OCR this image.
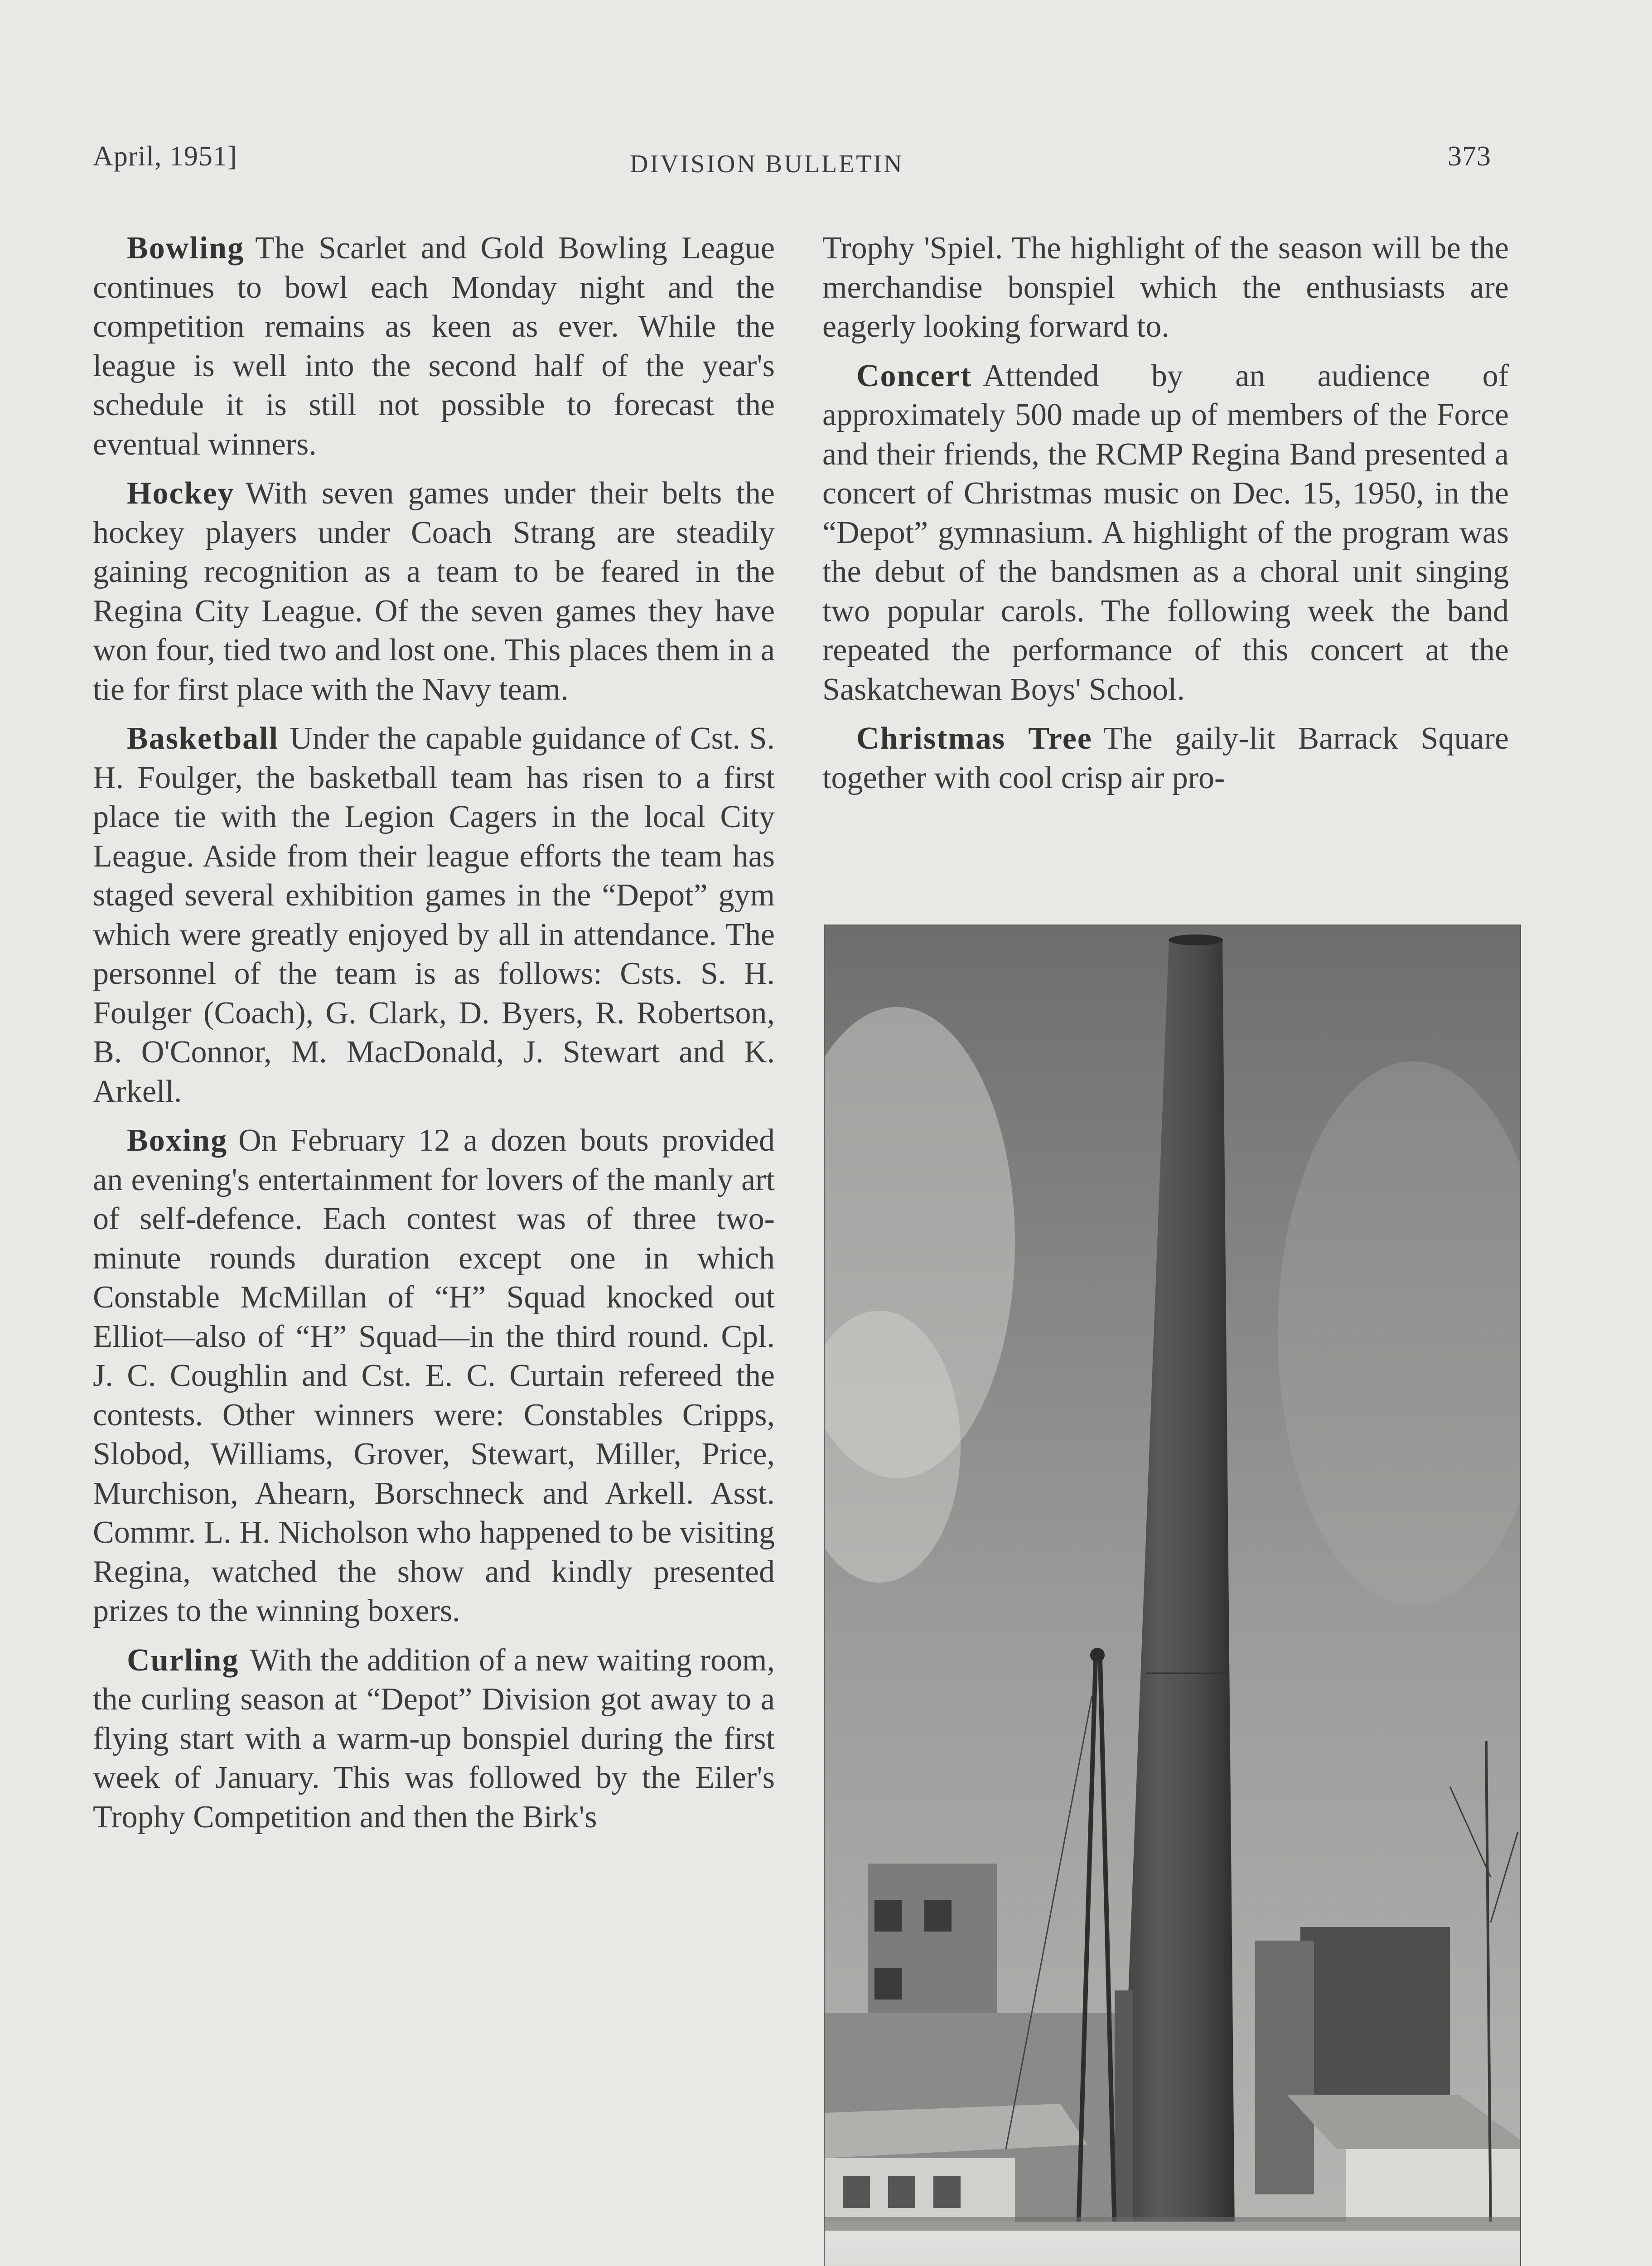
April, 1951]	DIVISION BULLETIN	373

Bowling The Scarlet and Gold Bowling League continues to bowl each Monday night and the competition remains as keen as ever. While the league is well into the second half of the year's schedule it is still not possible to forecast the eventual winners.

Hockey With seven games under their belts the hockey players under Coach Strang are steadily gaining recognition as a team to be feared in the Regina City League. Of the seven games they have won four, tied two and lost one. This places them in a tie for first place with the Navy team.

Basketball Under the capable guidance of Cst. S. H. Foulger, the basketball team has risen to a first place tie with the Legion Cagers in the local City League. Aside from their league efforts the team has staged several exhibition games in the “Depot” gym which were greatly enjoyed by all in attendance. The personnel of the team is as follows: Csts. S. H. Foulger (Coach), G. Clark, D. Byers, R. Robertson, B. O'Connor, M. MacDonald, J. Stewart and K. Arkell.

Boxing On February 12 a dozen bouts provided an evening's entertainment for lovers of the manly art of self-defence. Each contest was of three two-minute rounds duration except one in which Constable McMillan of “H” Squad knocked out Elliot—also of “H” Squad—in the third round. Cpl. J. C. Coughlin and Cst. E. C. Curtain refereed the contests. Other winners were: Constables Cripps, Slobod, Williams, Grover, Stewart, Miller, Price, Murchison, Ahearn, Borschneck and Arkell. Asst. Commr. L. H. Nicholson who happened to be visiting Regina, watched the show and kindly presented prizes to the winning boxers.

Curling With the addition of a new waiting room, the curling season at “Depot” Division got away to a flying start with a warm-up bonspiel during the first week of January. This was followed by the Eiler's Trophy Competition and then the Birk's

Trophy 'Spiel. The highlight of the season will be the merchandise bonspiel which the enthusiasts are eagerly looking forward to.

Concert Attended by an audience of approximately 500 made up of members of the Force and their friends, the RCMP Regina Band presented a concert of Christmas music on Dec. 15, 1950, in the “Depot” gymnasium. A highlight of the program was the debut of the bandsmen as a choral unit singing two popular carols. The following week the band repeated the performance of this concert at the Saskatchewan Boys' School.

Christmas Tree The gaily-lit Barrack Square together with cool crisp air pro-
